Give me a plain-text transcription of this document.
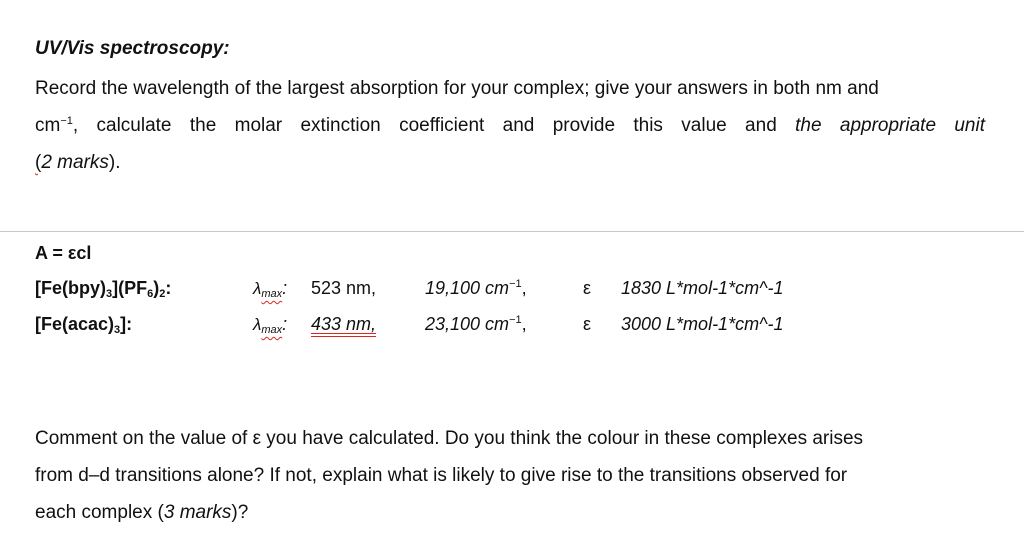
UV/Vis spectroscopy:
Record the wavelength of the largest absorption for your complex; give your answers in both nm and
$cm^{-1}$, calculate the molar extinction coefficient and provide this value and the appropriate unit
(2 marks).
A = εcl
$[Fe(bpy)_3](PF_6)_2$:	λmax: 523 nm,	19,100 $cm^{-1}$,	ε 1830 L*mol-1*cm^-1
$[Fe(acac)_3]$:	λmax: 433 nm,	23,100 $cm^{-1}$,	ε 3000 L*mol-1*cm^-1
Comment on the value of ε you have calculated. Do you think the colour in these complexes arises
from d–d transitions alone? If not, explain what is likely to give rise to the transitions observed for
each complex (3 marks)?
